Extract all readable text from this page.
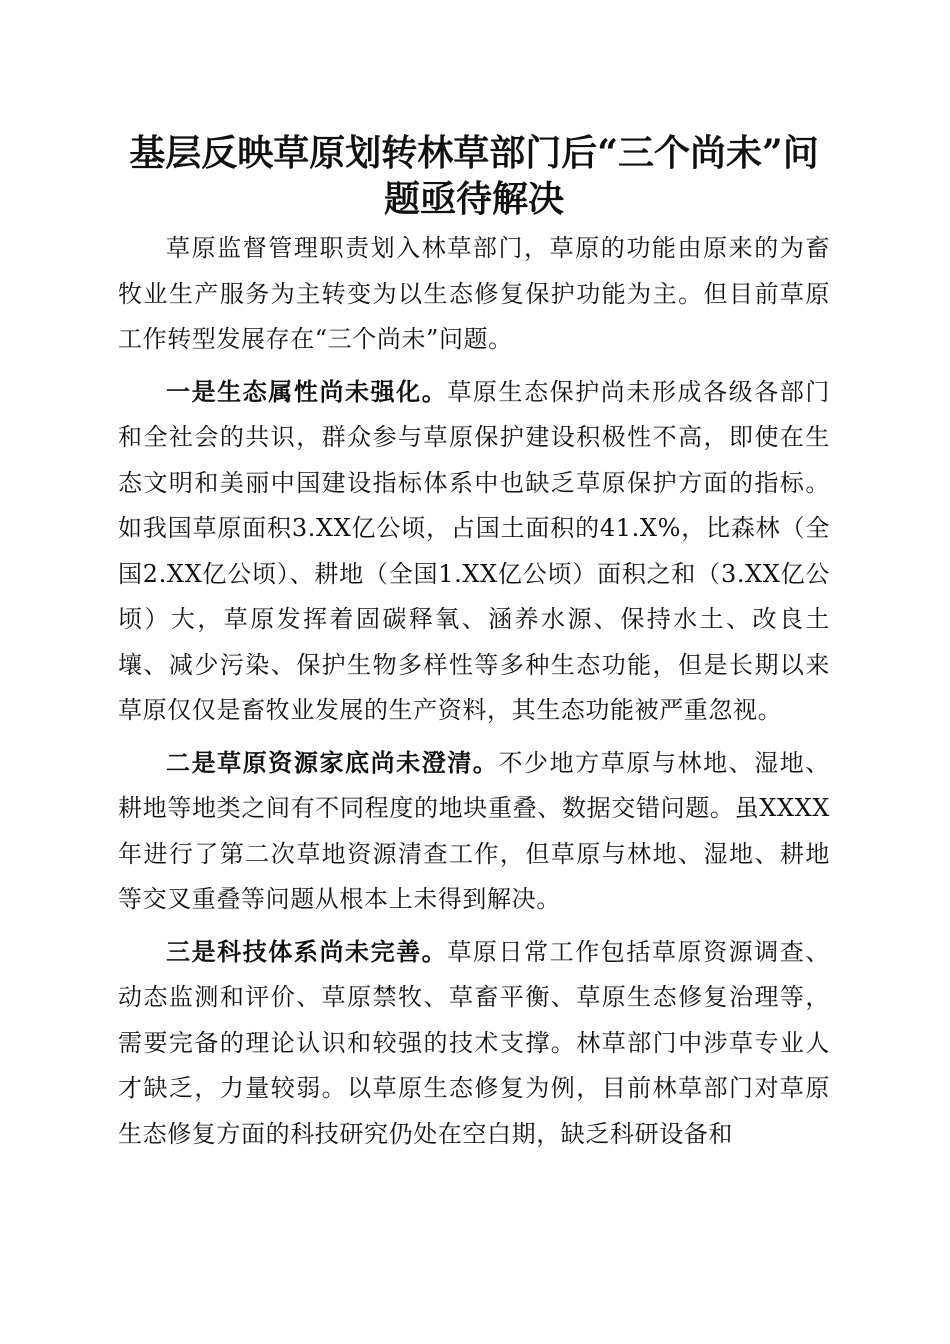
基层反映草原划转林草部门后“三个尚未”问题亟待解决

草原监督管理职责划入林草部门，草原的功能由原来的为畜牧业生产服务为主转变为以生态修复保护功能为主。但目前草原工作转型发展存在“三个尚未”问题。

一是生态属性尚未强化。草原生态保护尚未形成各级各部门和全社会的共识，群众参与草原保护建设积极性不高，即使在生态文明和美丽中国建设指标体系中也缺乏草原保护方面的指标。如我国草原面积3.XX亿公顷，占国土面积的41.X%，比森林（全国2.XX亿公顷）、耕地（全国1.XX亿公顷）面积之和（3.XX亿公顷）大，草原发挥着固碳释氧、涵养水源、保持水土、改良土壤、减少污染、保护生物多样性等多种生态功能，但是长期以来草原仅仅是畜牧业发展的生产资料，其生态功能被严重忽视。

二是草原资源家底尚未澄清。不少地方草原与林地、湿地、耕地等地类之间有不同程度的地块重叠、数据交错问题。虽XXXX年进行了第二次草地资源清查工作，但草原与林地、湿地、耕地等交叉重叠等问题从根本上未得到解决。

三是科技体系尚未完善。草原日常工作包括草原资源调查、动态监测和评价、草原禁牧、草畜平衡、草原生态修复治理等，需要完备的理论认识和较强的技术支撑。林草部门中涉草专业人才缺乏，力量较弱。以草原生态修复为例，目前林草部门对草原生态修复方面的科技研究仍处在空白期，缺乏科研设备和
